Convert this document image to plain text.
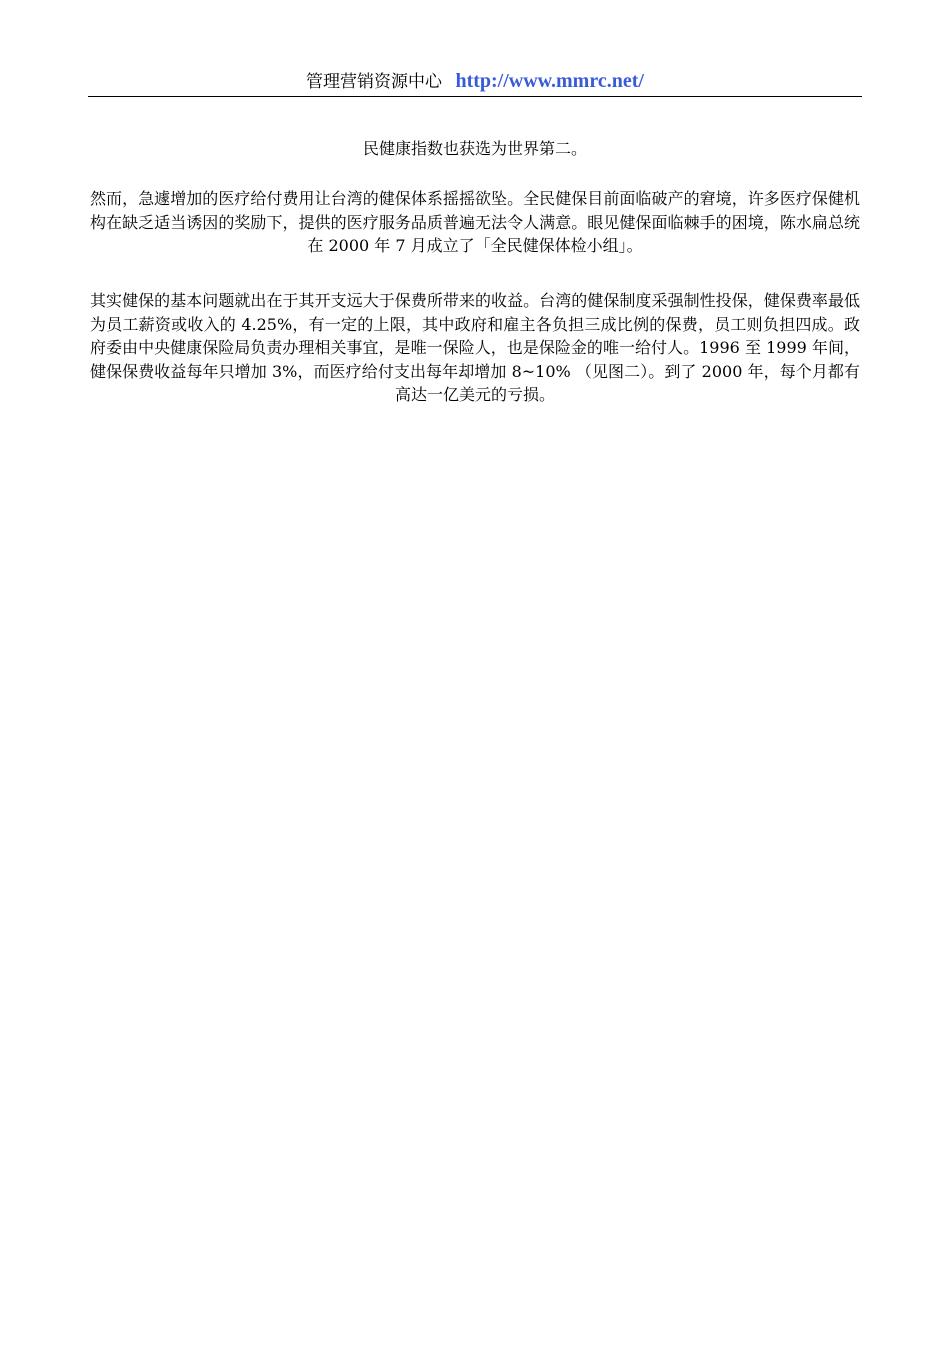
管理营销资源中心 http://www.mmrc.net/

民健康指数也获选为世界第二。

然而，急遽增加的医疗给付费用让台湾的健保体系摇摇欲坠。全民健保目前面临破产的窘境，许多医疗保健机构在缺乏适当诱因的奖励下，提供的医疗服务品质普遍无法令人满意。眼见健保面临棘手的困境，陈水扁总统在 2000 年 7 月成立了「全民健保体检小组」。

其实健保的基本问题就出在于其开支远大于保费所带来的收益。台湾的健保制度采强制性投保，健保费率最低为员工薪资或收入的 4.25%，有一定的上限，其中政府和雇主各负担三成比例的保费，员工则负担四成。政府委由中央健康保险局负责办理相关事宜，是唯一保险人，也是保险金的唯一给付人。1996 至 1999 年间，健保保费收益每年只增加 3%，而医疗给付支出每年却增加 8~10% （见图二）。到了 2000 年，每个月都有高达一亿美元的亏损。
